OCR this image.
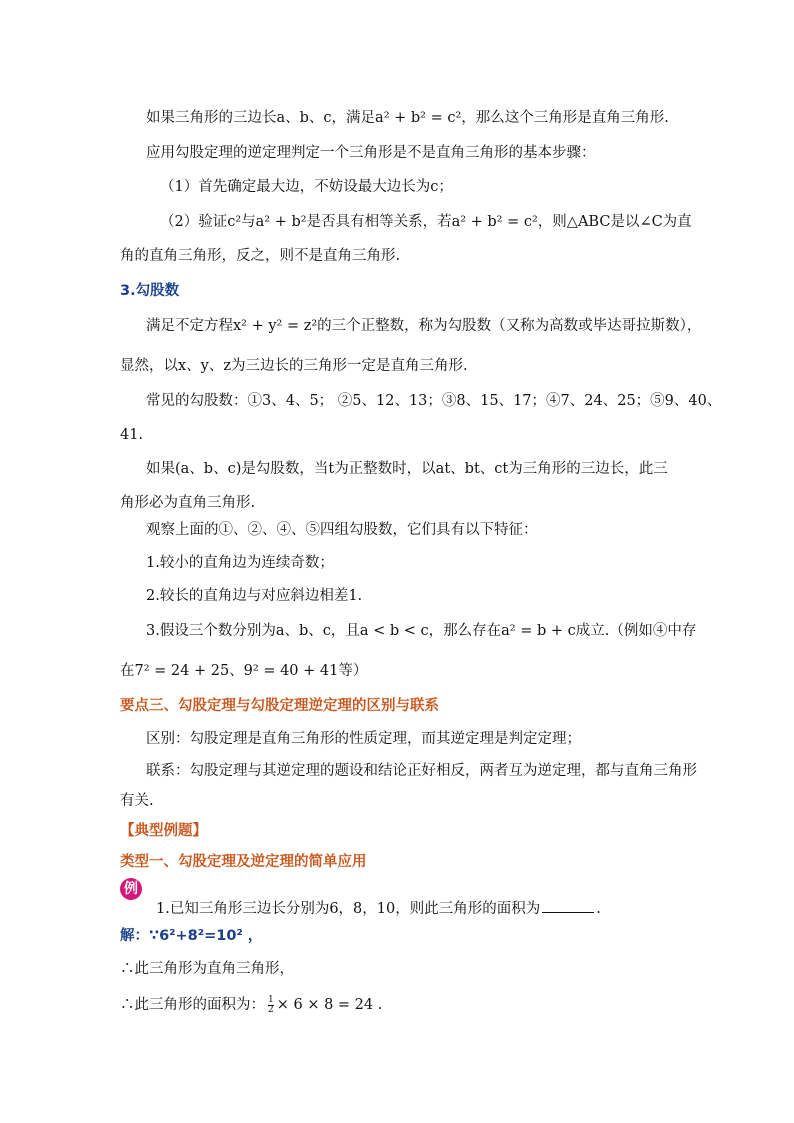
如果三角形的三边长a、b、c，满足a² + b² = c²，那么这个三角形是直角三角形.
应用勾股定理的逆定理判定一个三角形是不是直角三角形的基本步骤：
（1）首先确定最大边，不妨设最大边长为c；
（2）验证c²与a² + b²是否具有相等关系，若a² + b² = c²，则△ABC是以∠C为直
角的直角三角形，反之，则不是直角三角形.
3.勾股数
满足不定方程x² + y² = z²的三个正整数，称为勾股数（又称为高数或毕达哥拉斯数），
显然，以x、y、z为三边长的三角形一定是直角三角形.
常见的勾股数：①3、4、5； ②5、12、13；③8、15、17；④7、24、25；⑤9、40、
41.
如果(a、b、c)是勾股数，当t为正整数时，以at、bt、ct为三角形的三边长，此三
角形必为直角三角形.
观察上面的①、②、④、⑤四组勾股数，它们具有以下特征：
1.较小的直角边为连续奇数；
2.较长的直角边与对应斜边相差1.
3.假设三个数分别为a、b、c，且a < b < c，那么存在a² = b + c成立.（例如④中存
在7² = 24 + 25、9² = 40 + 41等）
要点三、勾股定理与勾股定理逆定理的区别与联系
区别：勾股定理是直角三角形的性质定理，而其逆定理是判定定理；
联系：勾股定理与其逆定理的题设和结论正好相反，两者互为逆定理，都与直角三角形
有关.
【典型例题】
类型一、勾股定理及逆定理的简单应用
例
1.已知三角形三边长分别为6，8，10，则此三角形的面积为	.
解：∵6²+8²=10² ，
∴此三角形为直角三角形，
∴此三角形的面积为： $\frac{1}{2} \times 6 \times 8 = 24$ .
